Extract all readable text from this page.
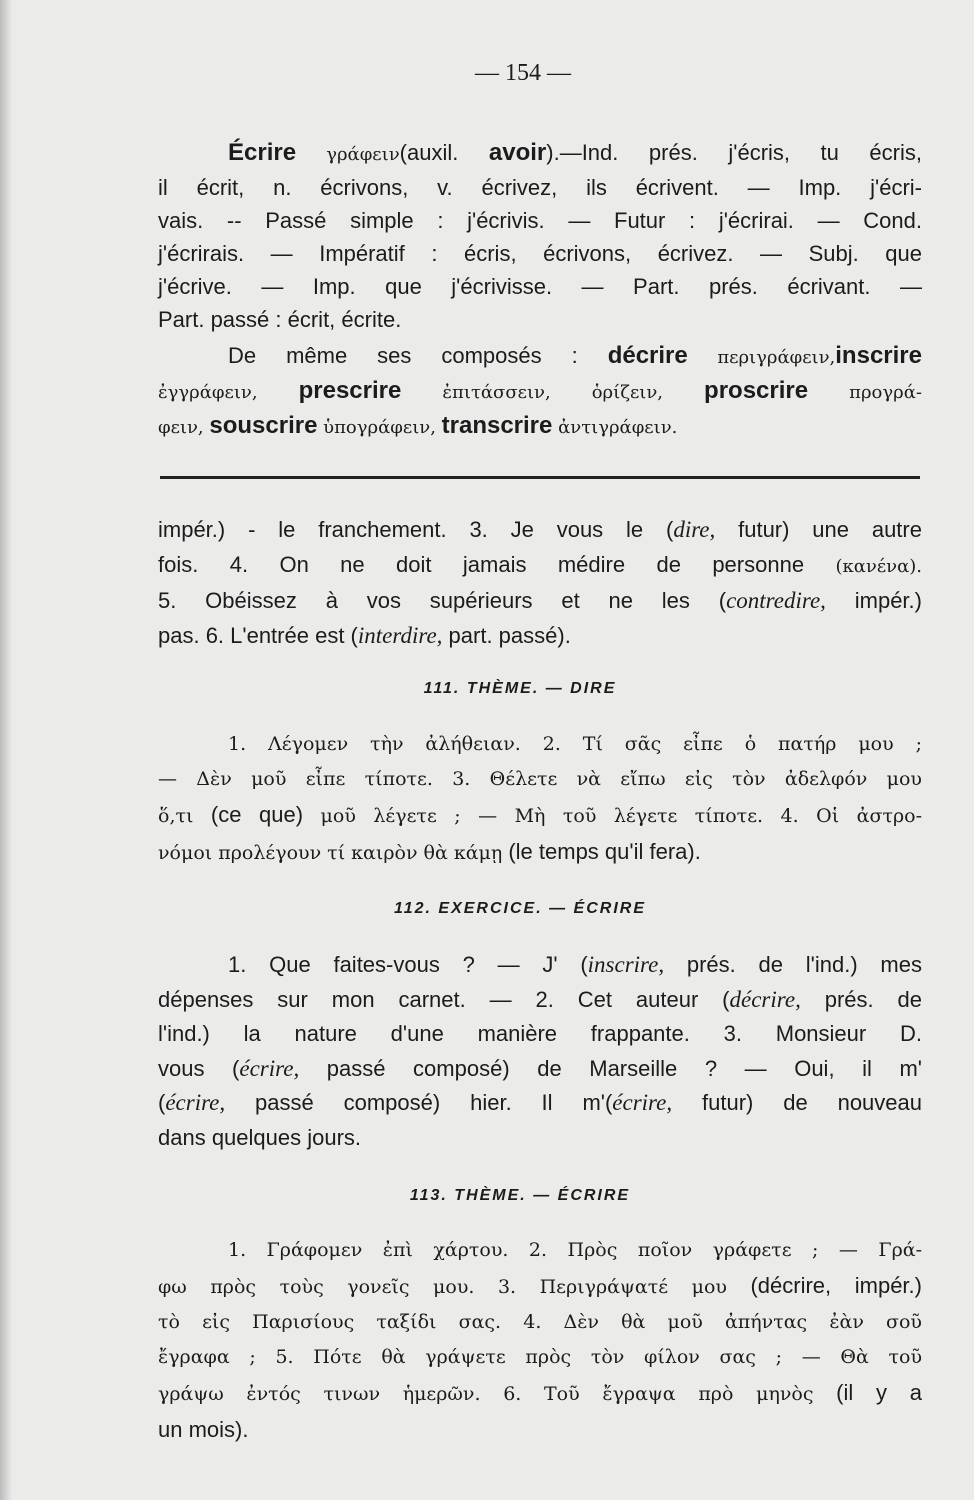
— 154 —
111. THÈME. — DIRE
112. EXERCICE. — ÉCRIRE
113. THÈME. — ÉCRIRE
Écrire γράφειν(auxil. avoir).—Ind. prés. j'écris, tu écris,
il écrit, n. écrivons, v. écrivez, ils écrivent. — Imp. j'écri-
vais. -- Passé simple : j'écrivis. — Futur : j'écrirai. — Cond.
j'écrirais. — Impératif : écris, écrivons, écrivez. — Subj. que
j'écrive. — Imp. que j'écrivisse. — Part. prés. écrivant. —
Part. passé : écrit, écrite.
De même ses composés : décrire περιγράφειν,inscrire
ἐγγράφειν, prescrire ἐπιτάσσειν, ὁρίζειν, proscrire προγρά-
φειν, souscrire ὑπογράφειν, transcrire ἀντιγράφειν.
impér.) - le franchement. 3. Je vous le (dire, futur) une autre
fois. 4. On ne doit jamais médire de personne (κανένα).
5. Obéissez à vos supérieurs et ne les (contredire, impér.)
pas. 6. L'entrée est (interdire, part. passé).
1. Λέγομεν τὴν ἀλήθειαν. 2. Τί σᾶς εἶπε ὁ πατήρ μου ;
— Δὲν μοῦ εἶπε τίποτε. 3. Θέλετε νὰ εἴπω εἰς τὸν ἀδελφόν μου
ὅ,τι (ce que) μοῦ λέγετε ; — Μὴ τοῦ λέγετε τίποτε. 4. Οἱ ἀστρο-
νόμοι προλέγουν τί καιρὸν θὰ κάμῃ (le temps qu'il fera).
1. Que faites-vous ? — J' (inscrire, prés. de l'ind.) mes
dépenses sur mon carnet. — 2. Cet auteur (décrire, prés. de
l'ind.) la nature d'une manière frappante. 3. Monsieur D.
vous (écrire, passé composé) de Marseille ? — Oui, il m'
(écrire, passé composé) hier. Il m'(écrire, futur) de nouveau
dans quelques jours.
1. Γράφομεν ἐπὶ χάρτου. 2. Πρὸς ποῖον γράφετε ; — Γρά-
φω πρὸς τοὺς γονεῖς μου. 3. Περιγράψατέ μου (décrire, impér.)
τὸ εἰς Παρισίους ταξίδι σας. 4. Δὲν θὰ μοῦ ἀπήντας ἐὰν σοῦ
ἔγραφα ; 5. Πότε θὰ γράψετε πρὸς τὸν φίλον σας ; — Θὰ τοῦ
γράψω ἐντός τινων ἡμερῶν. 6. Τοῦ ἔγραψα πρὸ μηνὸς (il y a
un mois).
